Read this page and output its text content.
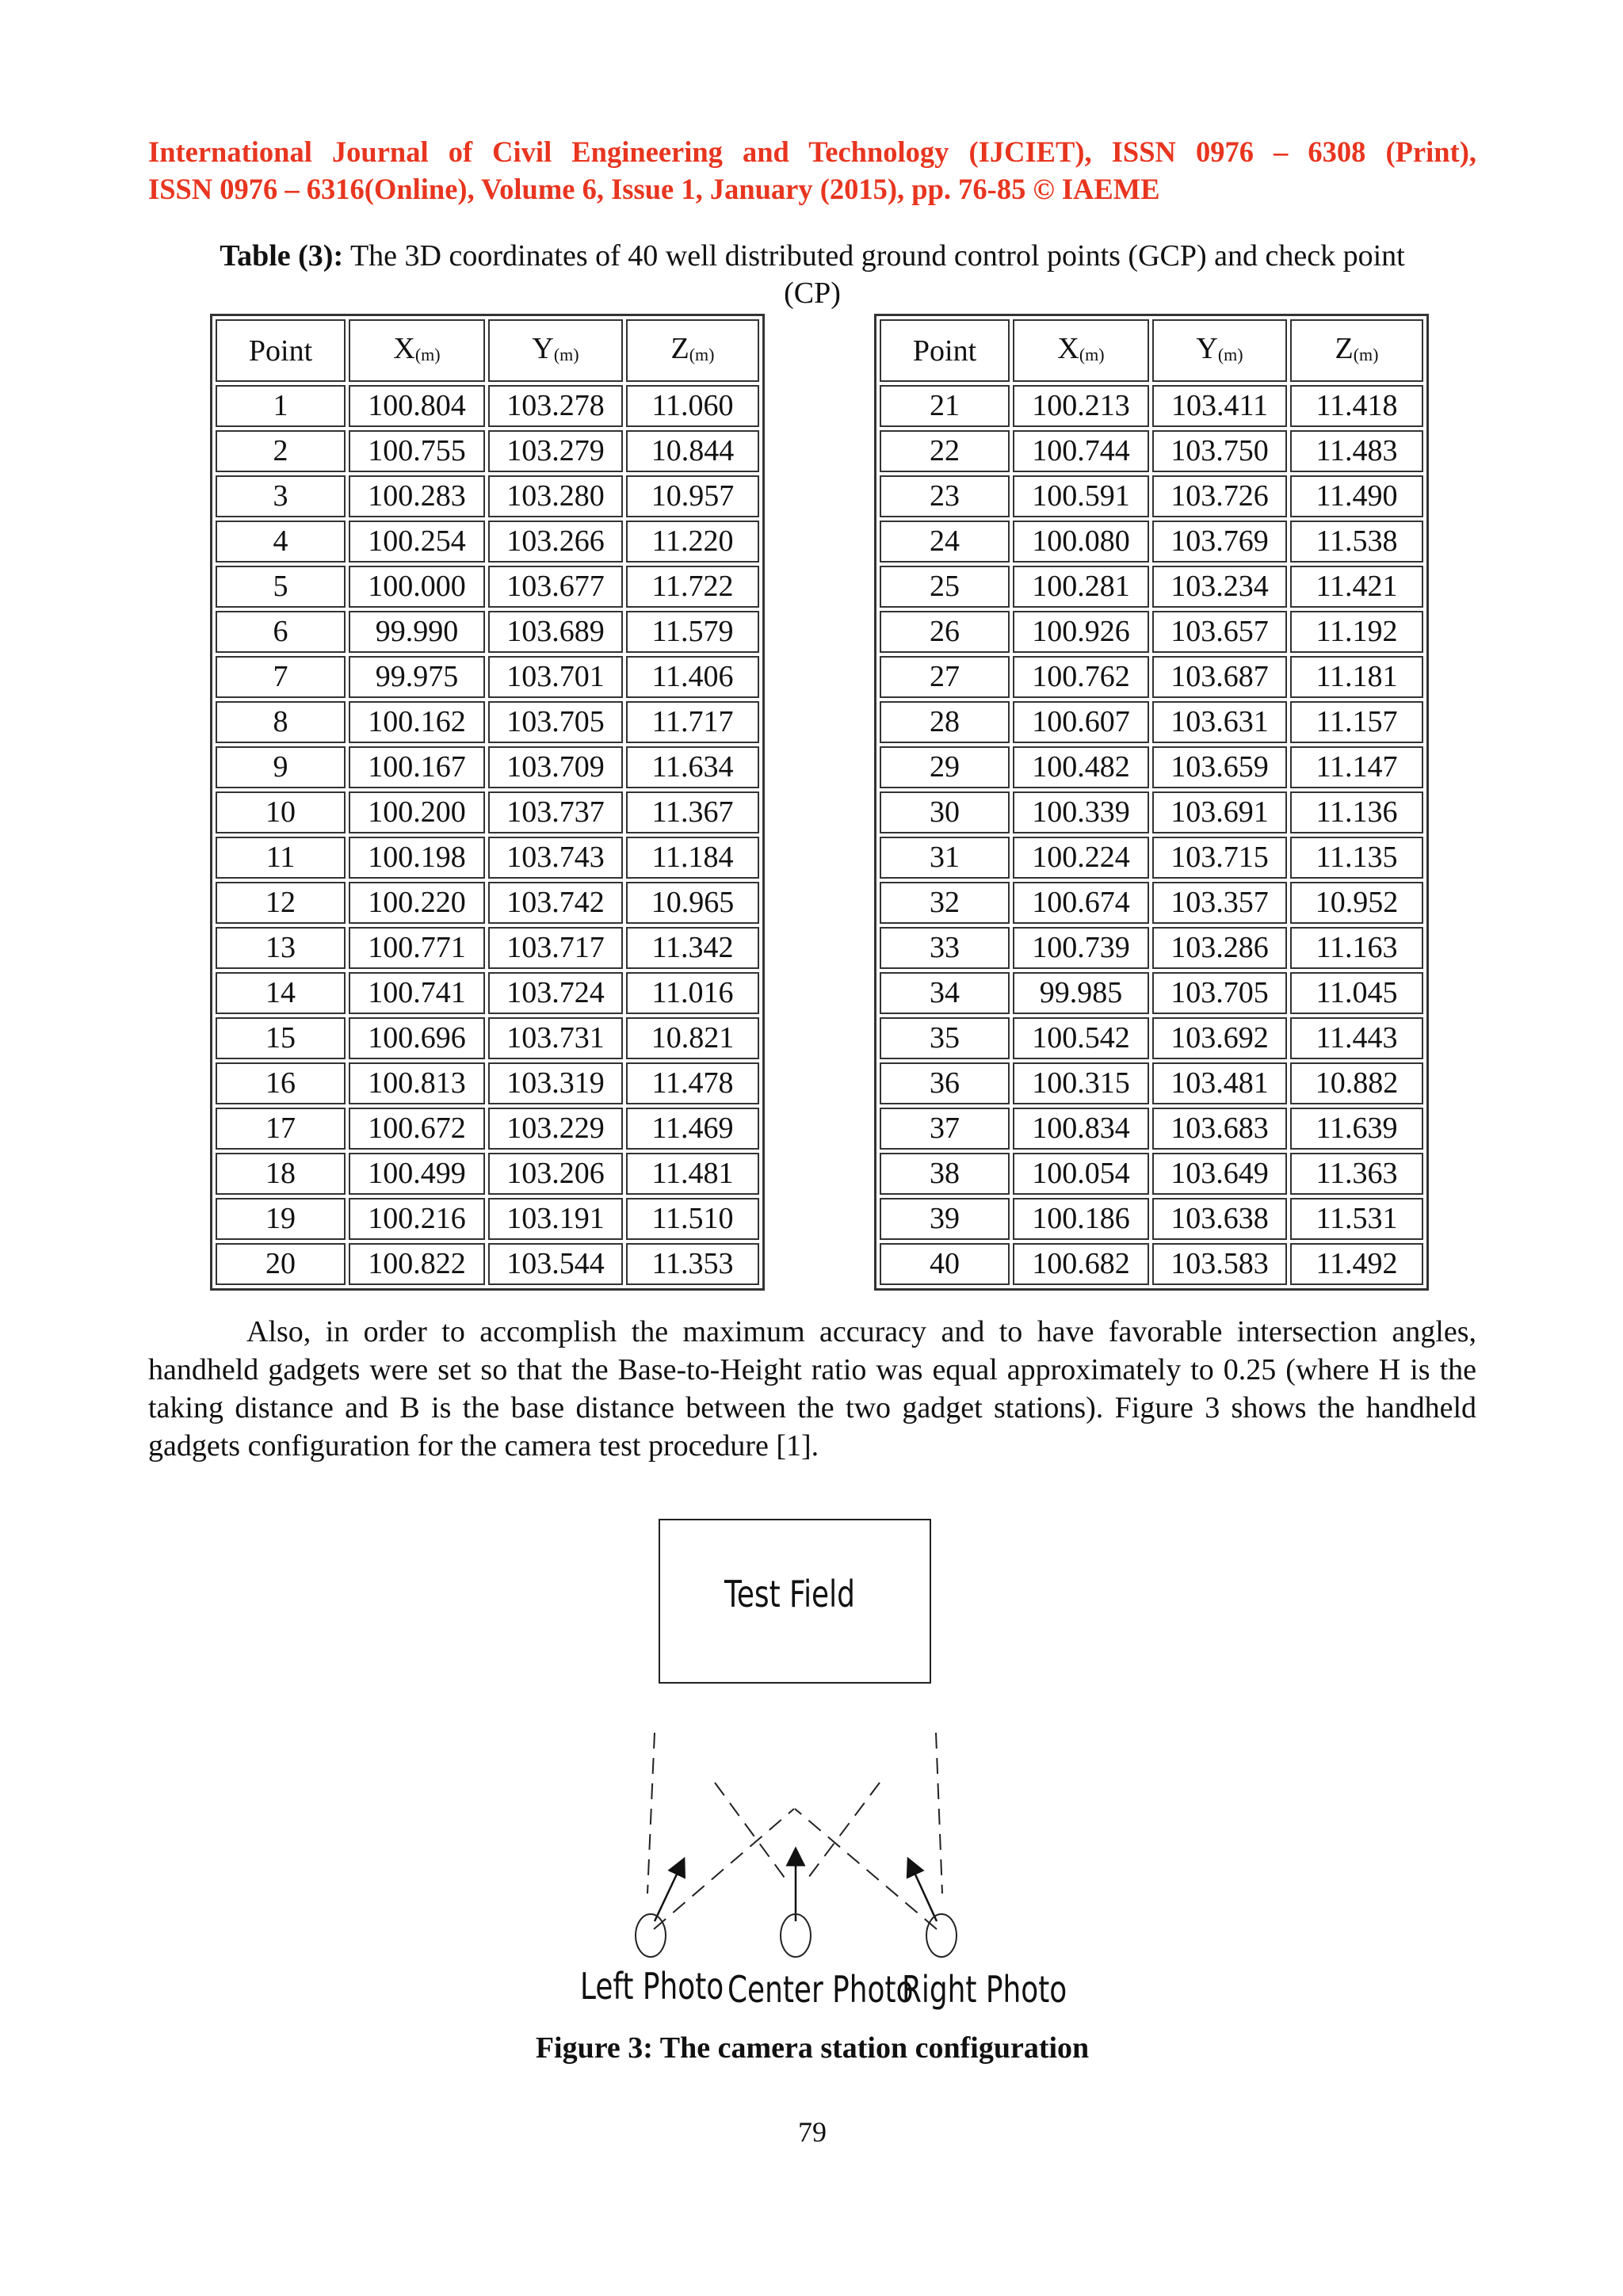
International Journal of Civil Engineering and Technology (IJCIET), ISSN 0976 – 6308 (Print),
ISSN 0976 – 6316(Online), Volume 6, Issue 1, January (2015), pp. 76-85 © IAEME
Table (3): The 3D coordinates of 40 well distributed ground control points (GCP) and check point
(CP)
Point	$X_{(m)}$	$Y_{(m)}$	$Z_{(m)}$
1	100.804	103.278	11.060
2	100.755	103.279	10.844
3	100.283	103.280	10.957
4	100.254	103.266	11.220
5	100.000	103.677	11.722
6	99.990	103.689	11.579
7	99.975	103.701	11.406
8	100.162	103.705	11.717
9	100.167	103.709	11.634
10	100.200	103.737	11.367
11	100.198	103.743	11.184
12	100.220	103.742	10.965
13	100.771	103.717	11.342
14	100.741	103.724	11.016
15	100.696	103.731	10.821
16	100.813	103.319	11.478
17	100.672	103.229	11.469
18	100.499	103.206	11.481
19	100.216	103.191	11.510
20	100.822	103.544	11.353
Point	$X_{(m)}$	$Y_{(m)}$	$Z_{(m)}$
21	100.213	103.411	11.418
22	100.744	103.750	11.483
23	100.591	103.726	11.490
24	100.080	103.769	11.538
25	100.281	103.234	11.421
26	100.926	103.657	11.192
27	100.762	103.687	11.181
28	100.607	103.631	11.157
29	100.482	103.659	11.147
30	100.339	103.691	11.136
31	100.224	103.715	11.135
32	100.674	103.357	10.952
33	100.739	103.286	11.163
34	99.985	103.705	11.045
35	100.542	103.692	11.443
36	100.315	103.481	10.882
37	100.834	103.683	11.639
38	100.054	103.649	11.363
39	100.186	103.638	11.531
40	100.682	103.583	11.492
Also, in order to accomplish the maximum accuracy and to have favorable intersection angles, handheld gadgets were set so that the Base-to-Height ratio was equal approximately to 0.25 (where H is the taking distance and B is the base distance between the two gadget stations). Figure 3 shows the handheld gadgets configuration for the camera test procedure [1].
Test Field
Left Photo Center Photo
Right Photo
Figure 3: The camera station configuration
79
